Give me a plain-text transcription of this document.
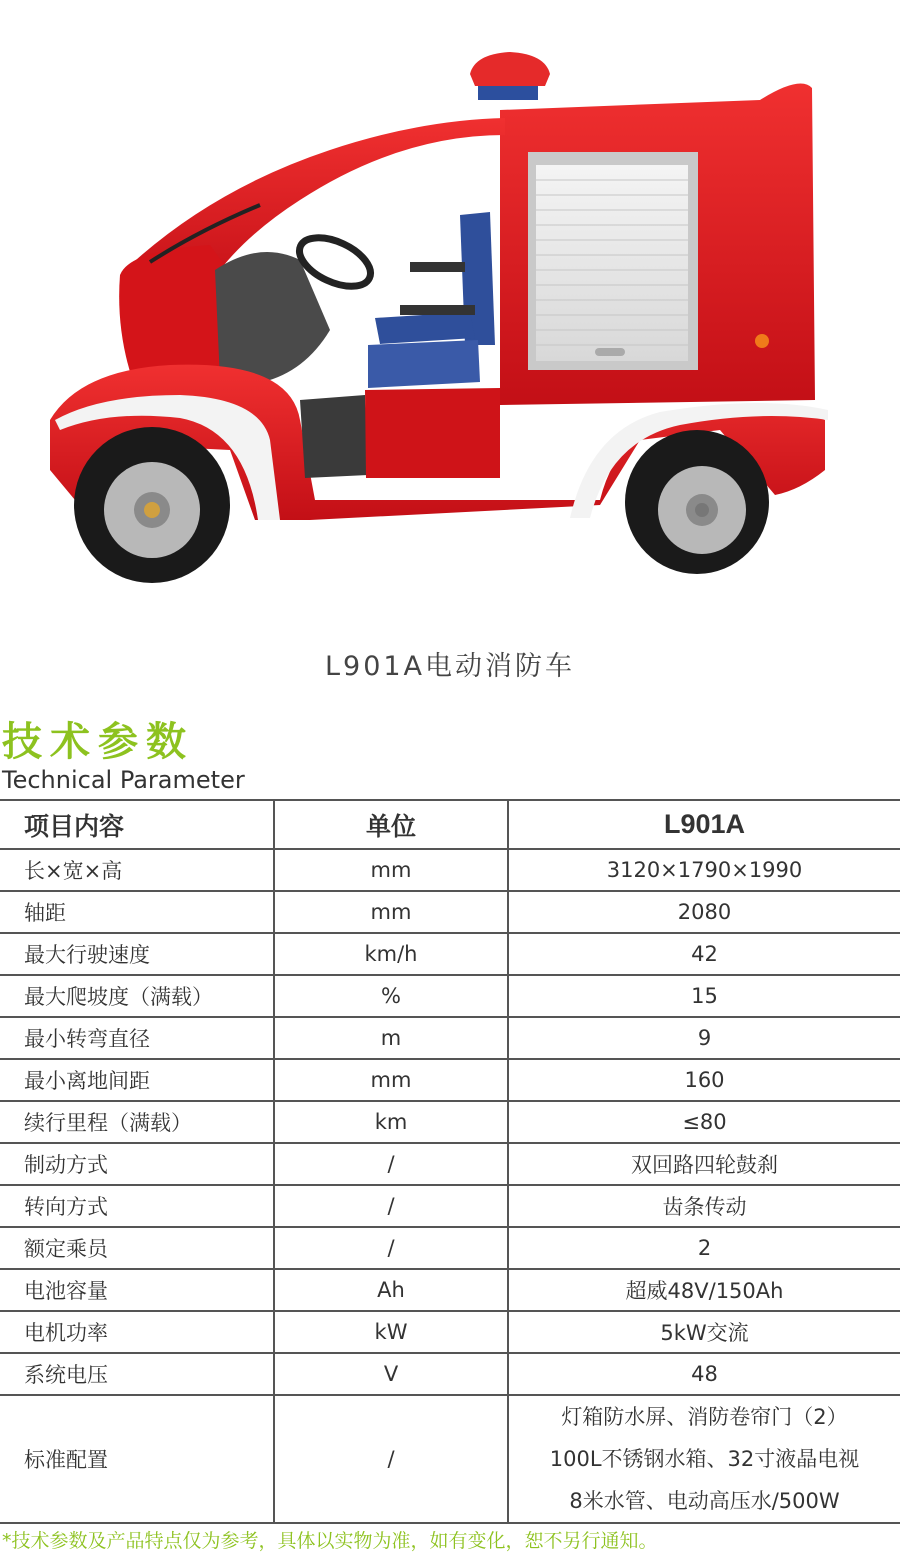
L901A电动消防车
技术参数
Technical Parameter
项目内容	单位	L901A
长×宽×高	mm	3120×1790×1990
轴距	mm	2080
最大行驶速度	km/h	42
最大爬坡度（满载）	%	15
最小转弯直径	m	9
最小离地间距	mm	160
续行里程（满载）	km	≤80
制动方式	/	双回路四轮鼓刹
转向方式	/	齿条传动
额定乘员	/	2
电池容量	Ah	超威48V/150Ah
电机功率	kW	5kW交流
系统电压	V	48
标准配置	/	灯箱防水屏、消防卷帘门（2）
100L不锈钢水箱、32寸液晶电视
8米水管、电动高压水/500W
*技术参数及产品特点仅为参考，具体以实物为准，如有变化，恕不另行通知。
